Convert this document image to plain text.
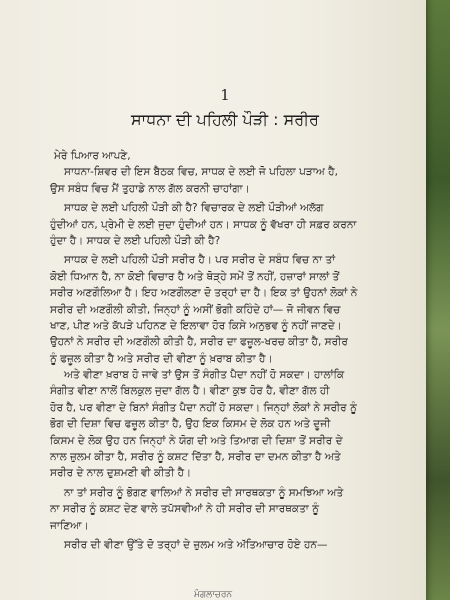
1
ਸਾਧਨਾ ਦੀ ਪਹਿਲੀ ਪੌੜੀ : ਸਰੀਰ
ਮੇਰੇ ਪਿਆਰ ਆਪਣੇ,
ਸਾਧਨਾ-ਸ਼ਿਵਰ ਦੀ ਇਸ ਬੈਠਕ ਵਿਚ, ਸਾਧਕ ਦੇ ਲਈ ਜੋ ਪਹਿਲਾ ਪੜਾਅ ਹੈ,
ਉਸ ਸਬੰਧ ਵਿਚ ਮੈਂ ਤੁਹਾਡੇ ਨਾਲ ਗੱਲ ਕਰਨੀ ਚਾਹਾਂਗਾ।
ਸਾਧਕ ਦੇ ਲਈ ਪਹਿਲੀ ਪੌੜੀ ਕੀ ਹੈ? ਵਿਚਾਰਕ ਦੇ ਲਈ ਪੌੜੀਆਂ ਅਲੱਗ
ਹੁੰਦੀਆਂ ਹਨ, ਪ੍ਰੇਮੀ ਦੇ ਲਈ ਜੁਦਾ ਹੁੰਦੀਆਂ ਹਨ। ਸਾਧਕ ਨੂੰ ਵੱਖਰਾ ਹੀ ਸਫ਼ਰ ਕਰਨਾ
ਹੁੰਦਾ ਹੈ। ਸਾਧਕ ਦੇ ਲਈ ਪਹਿਲੀ ਪੌੜੀ ਕੀ ਹੈ?
ਸਾਧਕ ਦੇ ਲਈ ਪਹਿਲੀ ਪੌੜੀ ਸਰੀਰ ਹੈ। ਪਰ ਸਰੀਰ ਦੇ ਸਬੰਧ ਵਿਚ ਨਾ ਤਾਂ
ਕੋਈ ਧਿਆਨ ਹੈ, ਨਾ ਕੋਈ ਵਿਚਾਰ ਹੈ ਅਤੇ ਥੋੜ੍ਹੇ ਸਮੇਂ ਤੋਂ ਨਹੀਂ, ਹਜ਼ਾਰਾਂ ਸਾਲਾਂ ਤੋਂ
ਸਰੀਰ ਅਣਗੌਲਿਆ ਹੈ। ਇਹ ਅਣਗੌਲਣਾ ਦੋ ਤਰ੍ਹਾਂ ਦਾ ਹੈ। ਇਕ ਤਾਂ ਉਹਨਾਂ ਲੋਕਾਂ ਨੇ
ਸਰੀਰ ਦੀ ਅਣਗੌਲੀ ਕੀਤੀ, ਜਿਨ੍ਹਾਂ ਨੂੰ ਅਸੀਂ ਭੋਗੀ ਕਹਿੰਦੇ ਹਾਂ— ਜੋ ਜੀਵਨ ਵਿਚ
ਖਾਣ, ਪੀਣ ਅਤੇ ਕੱਪੜੇ ਪਹਿਨਣ ਦੇ ਇਲਾਵਾ ਹੋਰ ਕਿਸੇ ਅਨੁਭਵ ਨੂੰ ਨਹੀਂ ਜਾਣਦੇ।
ਉਹਨਾਂ ਨੇ ਸਰੀਰ ਦੀ ਅਣਗੌਲੀ ਕੀਤੀ ਹੈ, ਸਰੀਰ ਦਾ ਫਜ਼ੂਲ-ਖਰਚ ਕੀਤਾ ਹੈ, ਸਰੀਰ
ਨੂੰ ਫਜ਼ੂਲ ਕੀਤਾ ਹੈ ਅਤੇ ਸਰੀਰ ਦੀ ਵੀਣਾ ਨੂੰ ਖ਼ਰਾਬ ਕੀਤਾ ਹੈ।
ਅਤੇ ਵੀਣਾ ਖ਼ਰਾਬ ਹੋ ਜਾਵੇ ਤਾਂ ਉਸ ਤੋਂ ਸੰਗੀਤ ਪੈਦਾ ਨਹੀਂ ਹੋ ਸਕਦਾ। ਹਾਲਾਂਕਿ
ਸੰਗੀਤ ਵੀਣਾ ਨਾਲੋਂ ਬਿਲਕੁਲ ਜੁਦਾ ਗੱਲ ਹੈ। ਵੀਣਾ ਕੁਝ ਹੋਰ ਹੈ, ਵੀਣਾ ਗੱਲ ਹੀ
ਹੋਰ ਹੈ, ਪਰ ਵੀਣਾ ਦੇ ਬਿਨਾਂ ਸੰਗੀਤ ਪੈਦਾ ਨਹੀਂ ਹੋ ਸਕਦਾ। ਜਿਨ੍ਹਾਂ ਲੋਕਾਂ ਨੇ ਸਰੀਰ ਨੂੰ
ਭੋਗ ਦੀ ਦਿਸ਼ਾ ਵਿਚ ਫਜ਼ੂਲ ਕੀਤਾ ਹੈ, ਉਹ ਇਕ ਕਿਸਮ ਦੇ ਲੋਕ ਹਨ ਅਤੇ ਦੂਜੀ
ਕਿਸਮ ਦੇ ਲੋਕ ਉਹ ਹਨ ਜਿਨ੍ਹਾਂ ਨੇ ਯੋਗ ਦੀ ਅਤੇ ਤਿਆਗ ਦੀ ਦਿਸ਼ਾ ਤੋਂ ਸਰੀਰ ਦੇ
ਨਾਲ ਜ਼ੁਲਮ ਕੀਤਾ ਹੈ, ਸਰੀਰ ਨੂੰ ਕਸ਼ਟ ਦਿੱਤਾ ਹੈ, ਸਰੀਰ ਦਾ ਦਮਨ ਕੀਤਾ ਹੈ ਅਤੇ
ਸਰੀਰ ਦੇ ਨਾਲ ਦੁਸ਼ਮਣੀ ਵੀ ਕੀਤੀ ਹੈ।
ਨਾ ਤਾਂ ਸਰੀਰ ਨੂੰ ਭੋਗਣ ਵਾਲਿਆਂ ਨੇ ਸਰੀਰ ਦੀ ਸਾਰਥਕਤਾ ਨੂੰ ਸਮਝਿਆ ਅਤੇ
ਨਾ ਸਰੀਰ ਨੂੰ ਕਸ਼ਟ ਦੇਣ ਵਾਲੇ ਤਪੱਸਵੀਆਂ ਨੇ ਹੀ ਸਰੀਰ ਦੀ ਸਾਰਥਕਤਾ ਨੂੰ
ਜਾਣਿਆ।
ਸਰੀਰ ਦੀ ਵੀਣਾ ਉੱਤੇ ਦੋ ਤਰ੍ਹਾਂ ਦੇ ਜ਼ੁਲਮ ਅਤੇ ਅੱਤਿਆਚਾਰ ਹੋਏ ਹਨ—
ਮੰਗਲਾਚਰਨ
